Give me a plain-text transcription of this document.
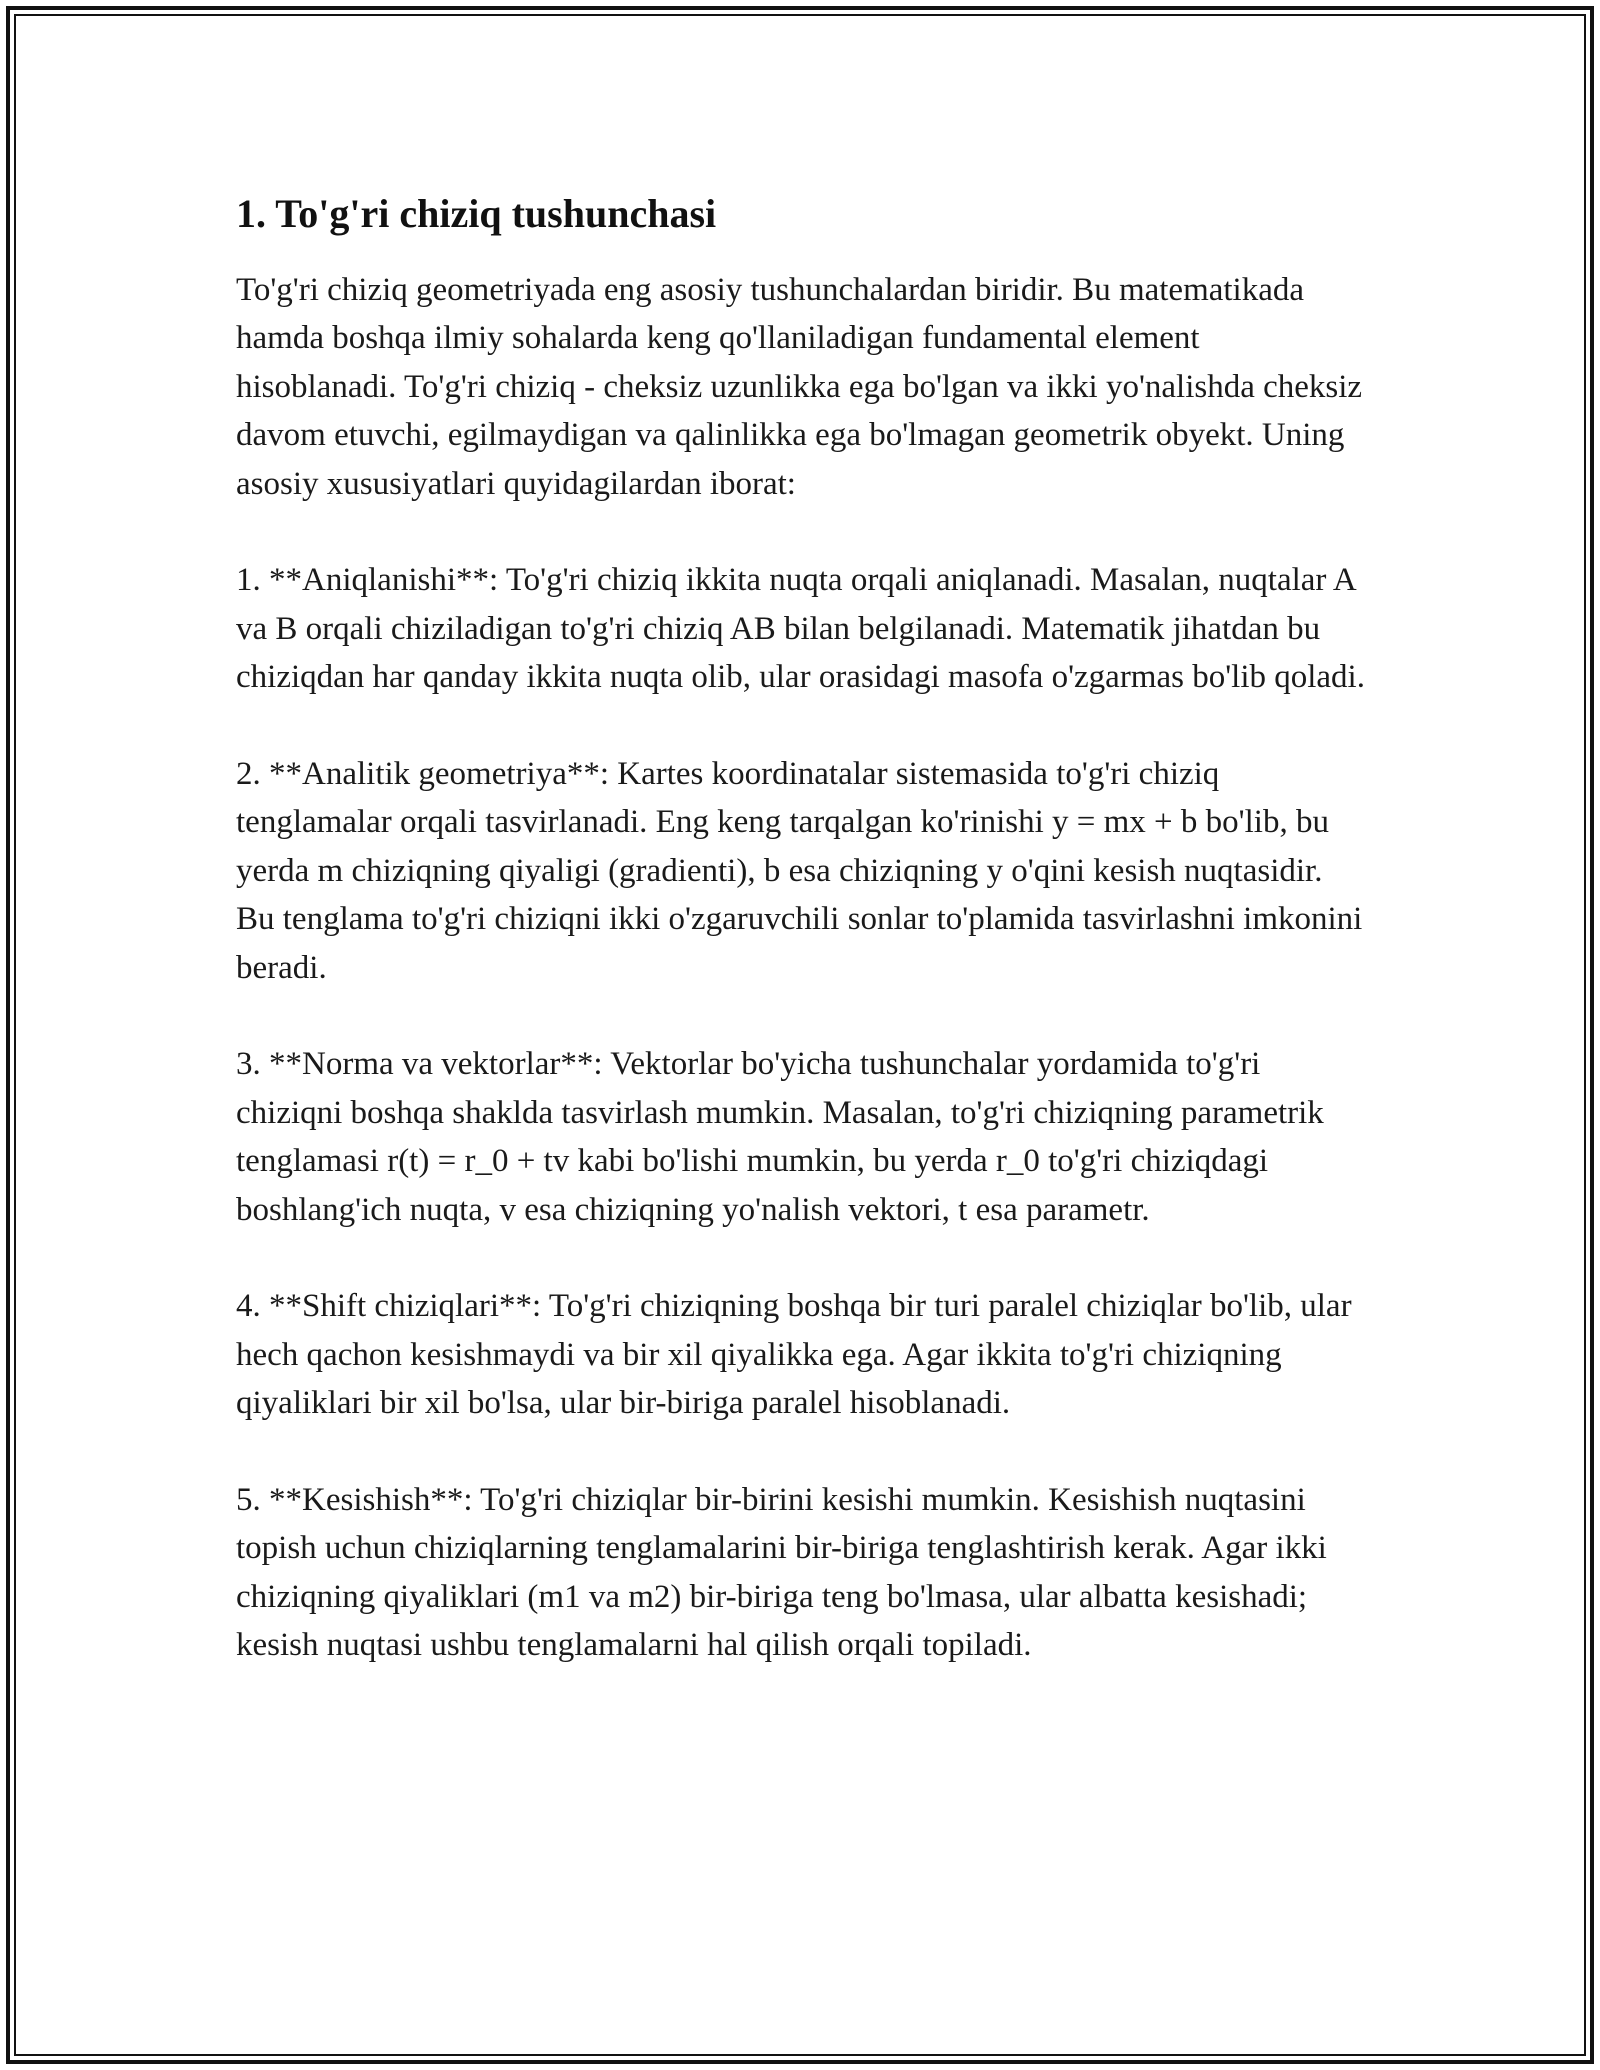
1. To'g'ri chiziq tushunchasi

To'g'ri chiziq geometriyada eng asosiy tushunchalardan biridir. Bu matematikada hamda boshqa ilmiy sohalarda keng qo'llaniladigan fundamental element hisoblanadi. To'g'ri chiziq - cheksiz uzunlikka ega bo'lgan va ikki yo'nalishda cheksiz davom etuvchi, egilmaydigan va qalinlikka ega bo'lmagan geometrik obyekt. Uning asosiy xususiyatlari quyidagilardan iborat:

1. **Aniqlanishi**: To'g'ri chiziq ikkita nuqta orqali aniqlanadi. Masalan, nuqtalar A va B orqali chiziladigan to'g'ri chiziq AB bilan belgilanadi. Matematik jihatdan bu chiziqdan har qanday ikkita nuqta olib, ular orasidagi masofa o'zgarmas bo'lib qoladi.

2. **Analitik geometriya**: Kartes koordinatalar sistemasida to'g'ri chiziq tenglamalar orqali tasvirlanadi. Eng keng tarqalgan ko'rinishi y = mx + b bo'lib, bu yerda m chiziqning qiyaligi (gradienti), b esa chiziqning y o'qini kesish nuqtasidir. Bu tenglama to'g'ri chiziqni ikki o'zgaruvchili sonlar to'plamida tasvirlashni imkonini beradi.

3. **Norma va vektorlar**: Vektorlar bo'yicha tushunchalar yordamida to'g'ri chiziqni boshqa shaklda tasvirlash mumkin. Masalan, to'g'ri chiziqning parametrik tenglamasi r(t) = r_0 + tv kabi bo'lishi mumkin, bu yerda r_0 to'g'ri chiziqdagi boshlang'ich nuqta, v esa chiziqning yo'nalish vektori, t esa parametr.

4. **Shift chiziqlari**: To'g'ri chiziqning boshqa bir turi paralel chiziqlar bo'lib, ular hech qachon kesishmaydi va bir xil qiyalikka ega. Agar ikkita to'g'ri chiziqning qiyaliklari bir xil bo'lsa, ular bir-biriga paralel hisoblanadi.

5. **Kesishish**: To'g'ri chiziqlar bir-birini kesishi mumkin. Kesishish nuqtasini topish uchun chiziqlarning tenglamalarini bir-biriga tenglashtirish kerak. Agar ikki chiziqning qiyaliklari (m1 va m2) bir-biriga teng bo'lmasa, ular albatta kesishadi; kesish nuqtasi ushbu tenglamalarni hal qilish orqali topiladi.
